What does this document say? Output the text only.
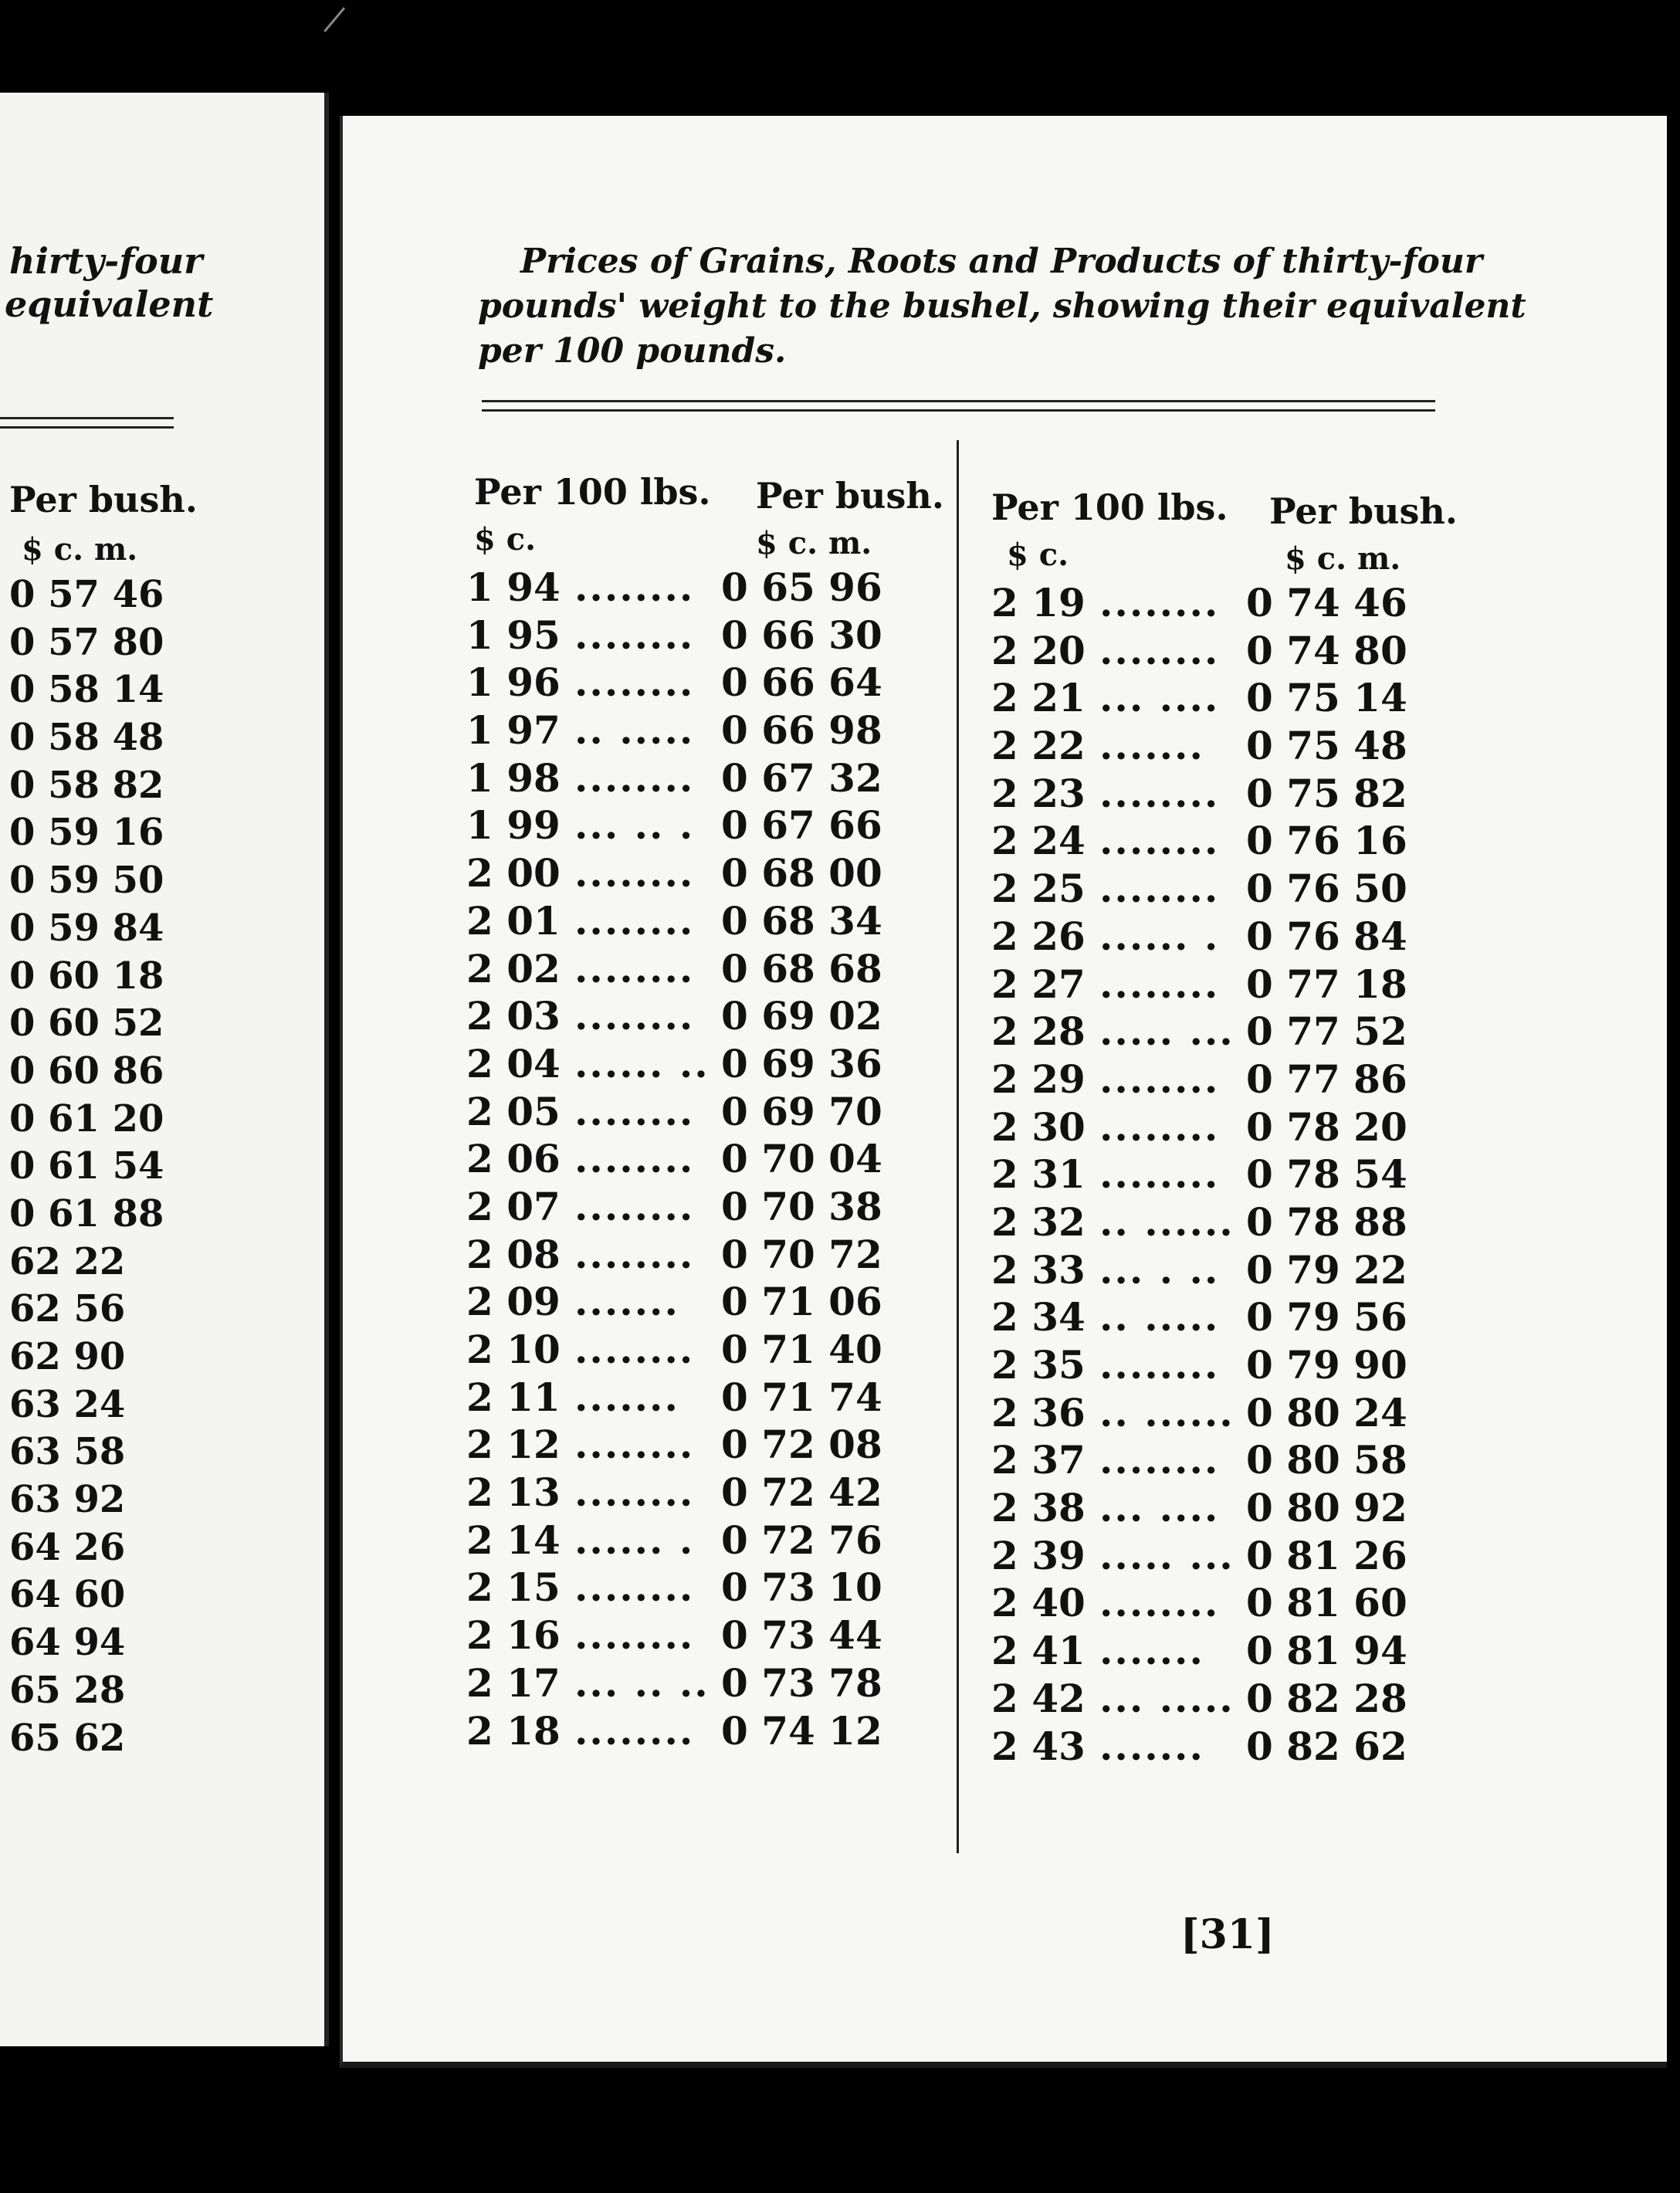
hirty-four
equivalent
Per bush.
$ c. m.
0 57 46
0 57 80
0 58 14
0 58 48
0 58 82
0 59 16
0 59 50
0 59 84
0 60 18
0 60 52
0 60 86
0 61 20
0 61 54
0 61 88
62 22
62 56
62 90
63 24
63 58
63 92
64 26
64 60
64 94
65 28
65 62
Prices of Grains, Roots and Products of thirty-four
pounds' weight to the bushel, showing their equivalent
per 100 pounds.
Per 100 lbs. Per bush.
$ c.	$ c. m.
Per 100 lbs. Per bush.
$ c.	$ c. m.
1 94 ........ 0 65 96
1 95 ........ 0 66 30
1 96 ........ 0 66 64
1 97 .. ..... 0 66 98
1 98 ........ 0 67 32
1 99 ... .. . 0 67 66
2 00 ........ 0 68 00
2 01 ........ 0 68 34
2 02 ........ 0 68 68
2 03 ........ 0 69 02
2 04 ...... .. 0 69 36
2 05 ........ 0 69 70
2 06 ........ 0 70 04
2 07 ........ 0 70 38
2 08 ........ 0 70 72
2 09 ....... 0 71 06
2 10 ........ 0 71 40
2 11 ....... 0 71 74
2 12 ........ 0 72 08
2 13 ........ 0 72 42
2 14 ...... . 0 72 76
2 15 ........ 0 73 10
2 16 ........ 0 73 44
2 17 ... .. .. 0 73 78
2 18 ........ 0 74 12
2 19 ........ 0 74 46
2 20 ........ 0 74 80
2 21 ... .... 0 75 14
2 22 ....... 0 75 48
2 23 ........ 0 75 82
2 24 ........ 0 76 16
2 25 ........ 0 76 50
2 26 ...... . 0 76 84
2 27 ........ 0 77 18
2 28 ..... ... 0 77 52
2 29 ........ 0 77 86
2 30 ........ 0 78 20
2 31 ........ 0 78 54
2 32 .. ...... 0 78 88
2 33 ... . .. 0 79 22
2 34 .. ..... 0 79 56
2 35 ........ 0 79 90
2 36 .. ...... 0 80 24
2 37 ........ 0 80 58
2 38 ... .... 0 80 92
2 39 ..... ... 0 81 26
2 40 ........ 0 81 60
2 41 ....... 0 81 94
2 42 ... ..... 0 82 28
2 43 ....... 0 82 62
[31]
